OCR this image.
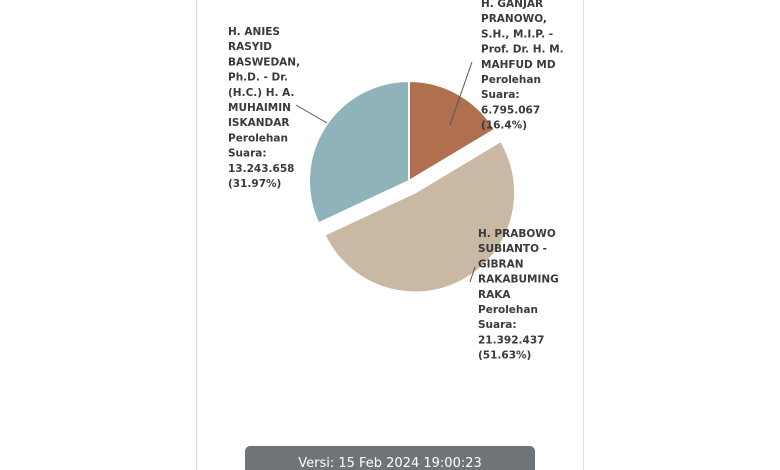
H. GANJAR PRANOWO, S.H., M.I.P. -Prof. Dr. H. M. MAHFUD MD Perolehan Suara: 6.795.067 (16.4%)
H. PRABOWO SUBIANTO -GIBRAN RAKABUMING RAKA Perolehan Suara: 21.392.437 (51.63%)
H. ANIES RASYID BASWEDAN, Ph.D. - Dr. (H.C.) H. A. MUHAIMIN ISKANDAR Perolehan Suara: 13.243.658 (31.97%)
Versi: 15 Feb 2024 19:00:23
